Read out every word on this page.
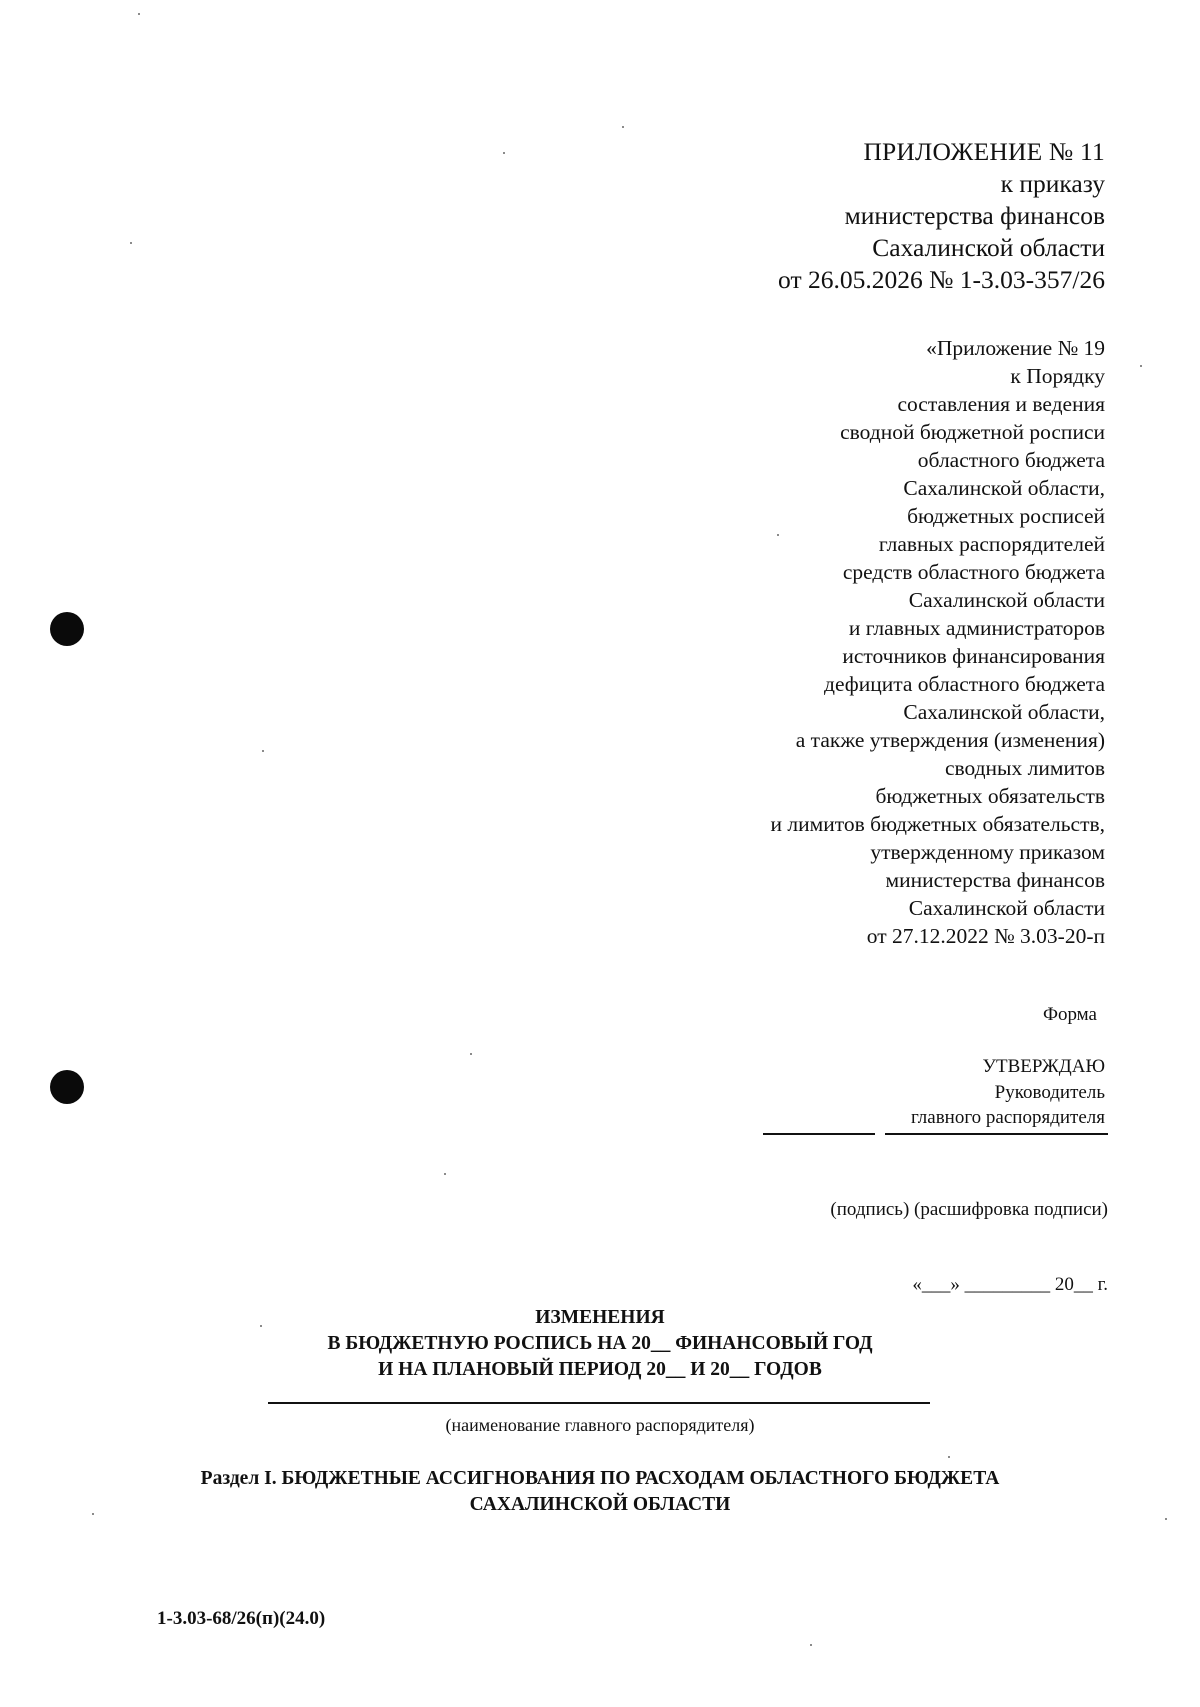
ПРИЛОЖЕНИЕ № 11
к приказу
министерства финансов
Сахалинской области
от 26.05.2026 № 1-3.03-357/26
«Приложение № 19
к Порядку
составления и ведения
сводной бюджетной росписи
областного бюджета
Сахалинской области,
бюджетных росписей
главных распорядителей
средств областного бюджета
Сахалинской области
и главных администраторов
источников финансирования
дефицита областного бюджета
Сахалинской области,
а также утверждения (изменения)
сводных лимитов
бюджетных обязательств
и лимитов бюджетных обязательств,
утвержденному приказом
министерства финансов
Сахалинской области
от 27.12.2022 № 3.03-20-п
Форма
УТВЕРЖДАЮ
Руководитель
главного распорядителя

(подпись) (расшифровка подписи)

«___» _________ 20__ г.

ИЗМЕНЕНИЯ
В БЮДЖЕТНУЮ РОСПИСЬ НА 20__ ФИНАНСОВЫЙ ГОД
И НА ПЛАНОВЫЙ ПЕРИОД 20__ И 20__ ГОДОВ
(наименование главного распорядителя)
Раздел I. БЮДЖЕТНЫЕ АССИГНОВАНИЯ ПО РАСХОДАМ ОБЛАСТНОГО БЮДЖЕТА
САХАЛИНСКОЙ ОБЛАСТИ
1-3.03-68/26(п)(24.0)
